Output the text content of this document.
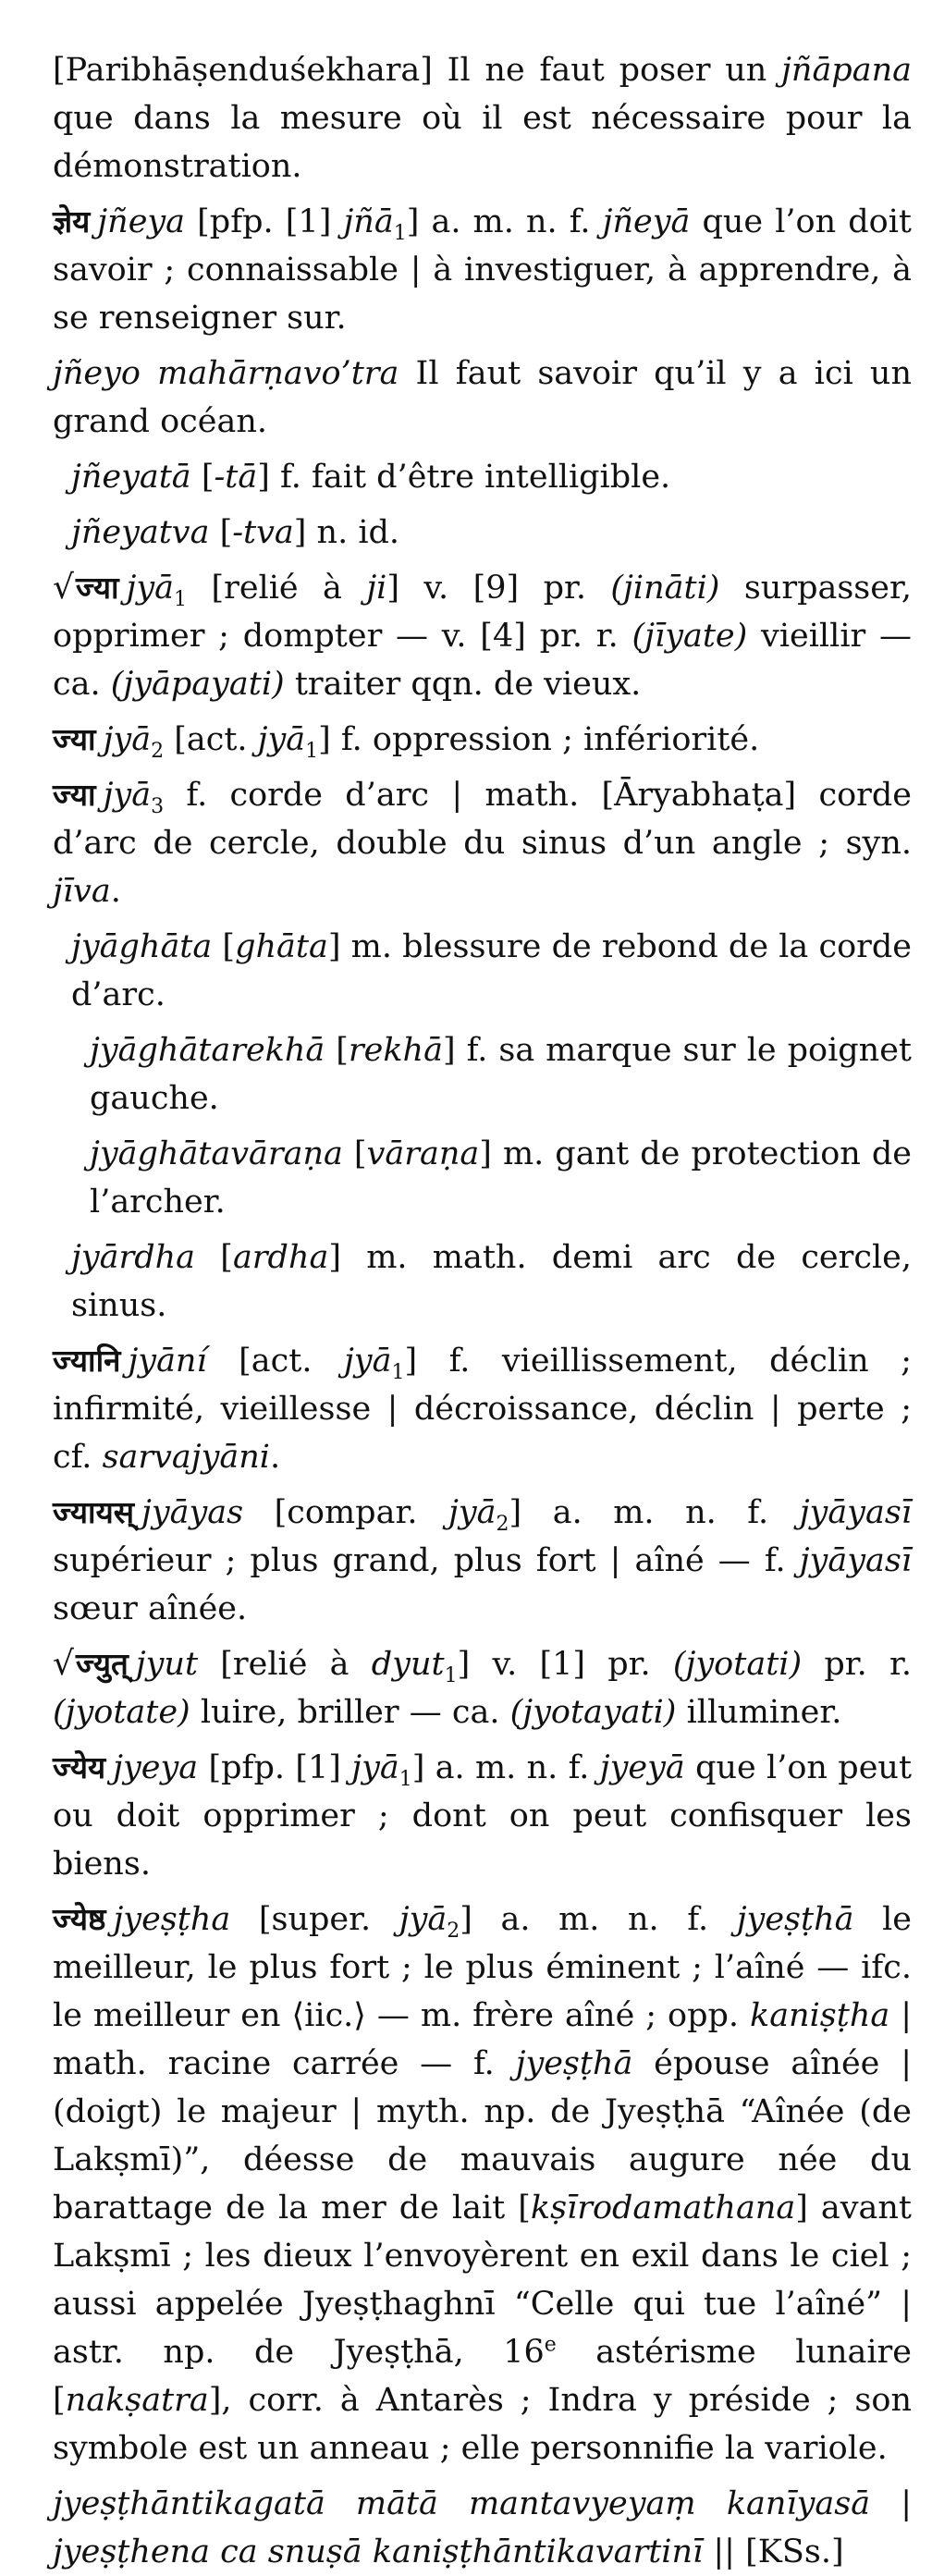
[Paribhāṣenduśekhara] Il ne faut poser un jñāpana que dans la mesure où il est nécessaire pour la démonstration.
ज्ञेय jñeya [pfp. [1] jñā$_1$] a. m. n. f. jñeyā que l’on doit savoir ; connaissable | à investiguer, à apprendre, à se renseigner sur.
jñeyo mahārṇavo’tra Il faut savoir qu’il y a ici un grand océan.
jñeyatā [-tā] f. fait d’être intelligible.
jñeyatva [-tva] n. id.
√ज्या jyā$_1$ [relié à ji] v. [9] pr. (jināti) surpasser, opprimer ; dompter — v. [4] pr. r. (jīyate) vieillir — ca. (jyāpayati) traiter qqn. de vieux.
ज्या jyā$_2$ [act. jyā$_1$] f. oppression ; infériorité.
ज्या jyā$_3$ f. corde d’arc | math. [Āryabhaṭa] corde d’arc de cercle, double du sinus d’un angle ; syn. jīva.
jyāghāta [ghāta] m. blessure de rebond de la corde d’arc.
jyāghātarekhā [rekhā] f. sa marque sur le poignet gauche.
jyāghātavāraṇa [vāraṇa] m. gant de protection de l’archer.
jyārdha [ardha] m. math. demi arc de cercle, sinus.
ज्यानि jyāní [act. jyā$_1$] f. vieillissement, déclin ; infirmité, vieillesse | décroissance, déclin | perte ; cf. sarvajyāni.
ज्यायस् jyāyas [compar. jyā$_2$] a. m. n. f. jyāyasī supérieur ; plus grand, plus fort | aîné — f. jyāyasī sœur aînée.
√ज्युत् jyut [relié à dyut$_1$] v. [1] pr. (jyotati) pr. r. (jyotate) luire, briller — ca. (jyotayati) illuminer.
ज्येय jyeya [pfp. [1] jyā$_1$] a. m. n. f. jyeyā que l’on peut ou doit opprimer ; dont on peut confisquer les biens.
ज्येष्ठ jyeṣṭha [super. jyā$_2$] a. m. n. f. jyeṣṭhā le meilleur, le plus fort ; le plus éminent ; l’aîné — ifc. le meilleur en ⟨iic.⟩ — m. frère aîné ; opp. kaniṣṭha | math. racine carrée — f. jyeṣṭhā épouse aînée | (doigt) le majeur | myth. np. de Jyeṣṭhā “Aînée (de Lakṣmī)”, déesse de mauvais augure née du barattage de la mer de lait [kṣīrodamathana] avant Lakṣmī ; les dieux l’envoyèrent en exil dans le ciel ; aussi appelée Jyeṣṭhaghnī “Celle qui tue l’aîné” | astr. np. de Jyeṣṭhā, 16e astérisme lunaire [nakṣatra], corr. à Antarès ; Indra y préside ; son symbole est un anneau ; elle personnifie la variole.
jyeṣṭhāntikagatā mātā mantavyeyaṃ kanīyasā | jyeṣṭhena ca snuṣā kaniṣṭhāntikavartinī || [KSs.]
